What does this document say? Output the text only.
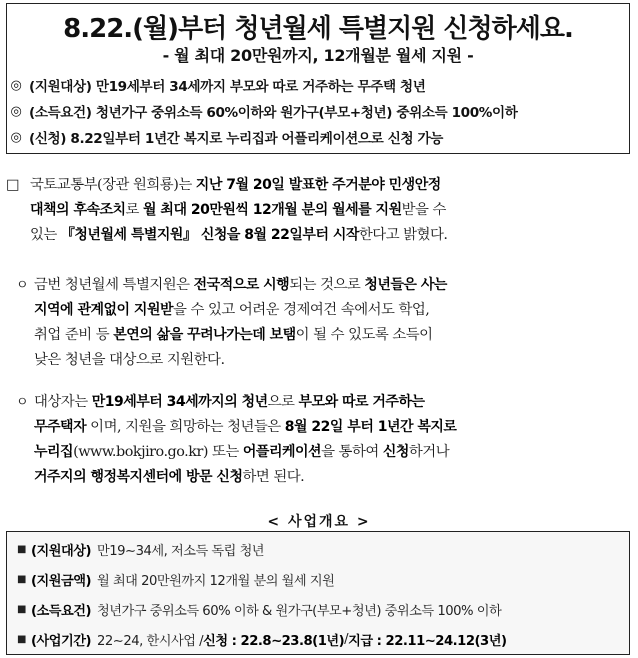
8.22.(월)부터 청년월세 특별지원 신청하세요.
- 월 최대 20만원까지, 12개월분 월세 지원 -
◎ (지원대상) 만19세부터 34세까지 부모와 따로 거주하는 무주택 청년
◎ (소득요건) 청년가구 중위소득 60%이하와 원가구(부모+청년) 중위소득 100%이하
◎ (신청) 8.22일부터 1년간 복지로 누리집과 어플리케이션으로 신청 가능
□ 국토교통부(장관 원희룡)는 지난 7월 20일 발표한 주거분야 민생안정
대책의 후속조치로 월 최대 20만원씩 12개월 분의 월세를 지원받을 수
있는 『청년월세 특별지원』 신청을 8월 22일부터 시작한다고 밝혔다.
ㅇ 금번 청년월세 특별지원은 전국적으로 시행되는 것으로 청년들은 사는
지역에 관계없이 지원받을 수 있고 어려운 경제여건 속에서도 학업,
취업 준비 등 본연의 삶을 꾸려나가는데 보탬이 될 수 있도록 소득이
낮은 청년을 대상으로 지원한다.
ㅇ 대상자는 만19세부터 34세까지의 청년으로 부모와 따로 거주하는
무주택자 이며, 지원을 희망하는 청년들은 8월 22일 부터 1년간 복지로
누리집(www.bokjiro.go.kr) 또는 어플리케이션을 통하여 신청하거나
거주지의 행정복지센터에 방문 신청하면 된다.
< 사업개요 >
■ (지원대상) 만19∼34세, 저소득 독립 청년
■ (지원금액) 월 최대 20만원까지 12개월 분의 월세 지원
■ (소득요건) 청년가구 중위소득 60% 이하 & 원가구(부모+청년) 중위소득 100% 이하
■ (사업기간) 22∼24, 한시사업 / 신청 : 22.8∼23.8(1년) / 지급 : 22.11∼24.12(3년)
